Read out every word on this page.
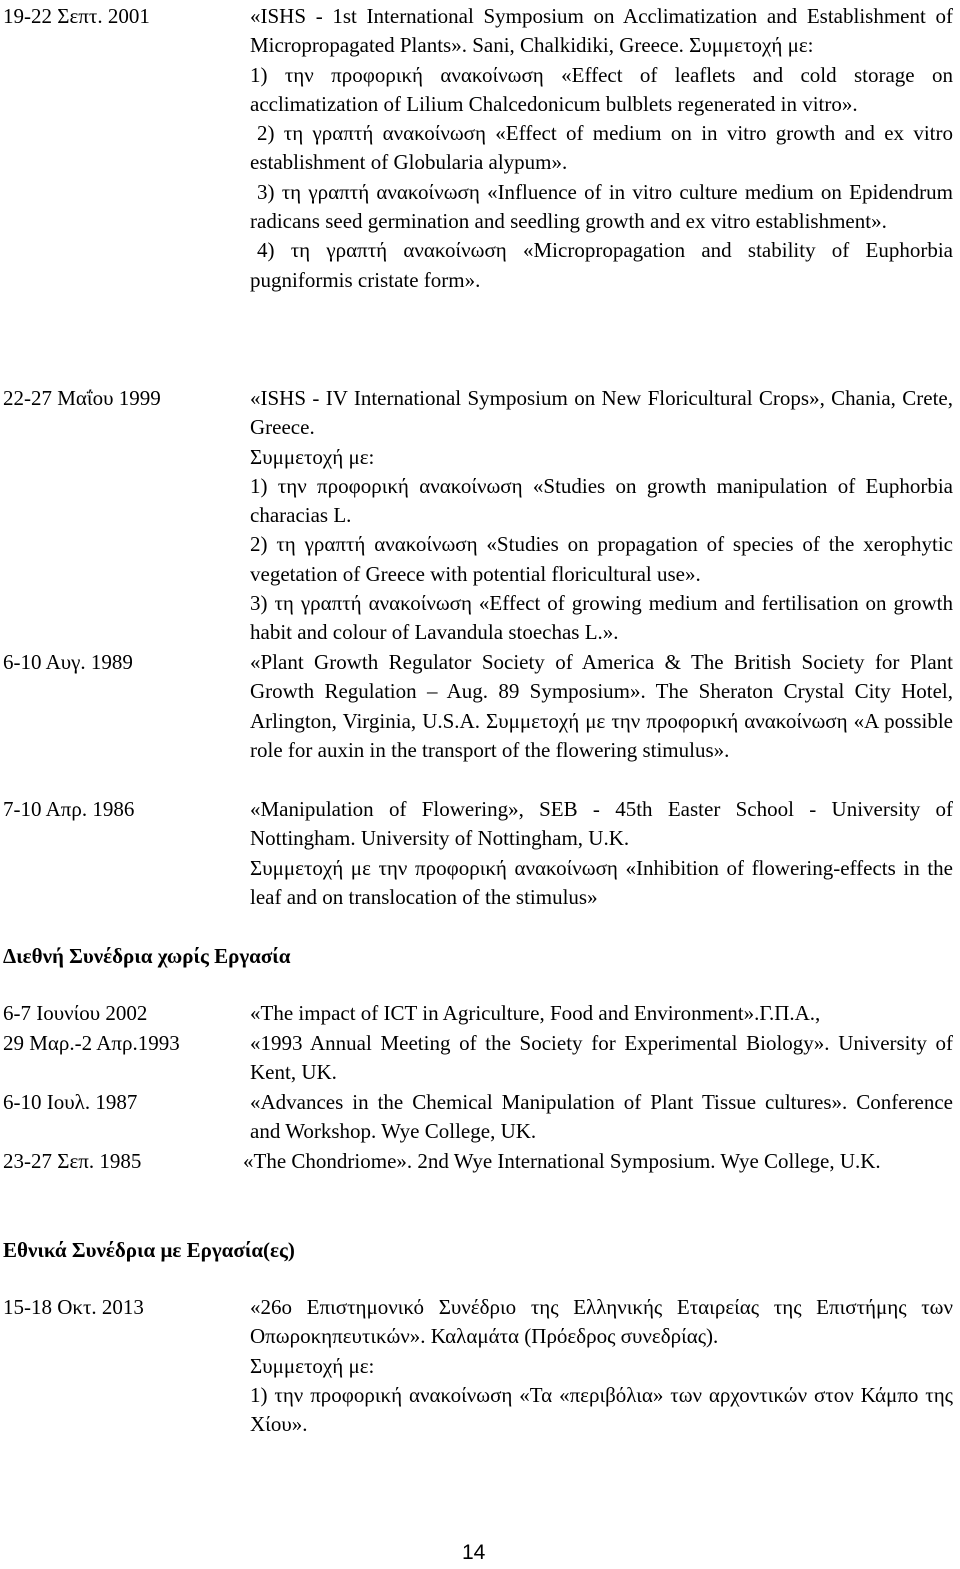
19-22 Σεπτ. 2001	«ISHS - 1st International Symposium on Acclimatization and Establishment of Micropropagated Plants». Sani, Chalkidiki, Greece. Συμμετοχή με:

1) την προφορική ανακοίνωση «Effect of leaflets and cold storage on acclimatization of Lilium Chalcedonicum bulblets regenerated in vitro».

2) τη γραπτή ανακοίνωση «Effect of medium on in vitro growth and ex vitro establishment of Globularia alypum».

3) τη γραπτή ανακοίνωση «Influence of in vitro culture medium on Epidendrum radicans seed germination and seedling growth and ex vitro establishment».

4) τη γραπτή ανακοίνωση «Micropropagation and stability of Euphorbia pugniformis cristate form».

22-27 Μαΐου 1999	«ISHS - IV International Symposium on New Floricultural Crops», Chania, Crete, Greece.

Συμμετοχή με:

1) την προφορική ανακοίνωση «Studies on growth manipulation of Euphorbia characias L.

2) τη γραπτή ανακοίνωση «Studies on propagation of species of the xerophytic vegetation of Greece with potential floricultural use».

3) τη γραπτή ανακοίνωση «Effect of growing medium and fertilisation on growth habit and colour of Lavandula stoechas L.».

6-10 Αυγ. 1989	«Plant Growth Regulator Society of America & The British Society for Plant Growth Regulation – Aug. 89 Symposium». The Sheraton Crystal City Hotel, Arlington, Virginia, U.S.A. Συμμετοχή με την προφορική ανακοίνωση «A possible role for auxin in the transport of the flowering stimulus».

7-10 Απρ. 1986	«Manipulation of Flowering», SEB - 45th Easter School - University of Nottingham. University of Nottingham, U.K.

Συμμετοχή με την προφορική ανακοίνωση «Inhibition of flowering-effects in the leaf and on translocation of the stimulus»

Διεθνή Συνέδρια χωρίς Εργασία
6-7 Ιουνίου 2002	«The impact of ICT in Agriculture, Food and Environment».Γ.Π.Α.,

29 Μαρ.-2 Απρ.1993	«1993 Annual Meeting of the Society for Experimental Biology». University of Kent, UK.

6-10 Ιουλ. 1987	«Advances in the Chemical Manipulation of Plant Tissue cultures». Conference and Workshop. Wye College, UK.

23-27 Σεπ. 1985	«The Chondriome». 2nd Wye International Symposium. Wye College, U.K.

Εθνικά Συνέδρια με Εργασία(ες)
15-18 Οκτ. 2013	«26ο Επιστημονικό Συνέδριο της Ελληνικής Εταιρείας της Επιστήμης των Οπωροκηπευτικών». Καλαμάτα (Πρόεδρος συνεδρίας).

Συμμετοχή με:

1) την προφορική ανακοίνωση «Τα «περιβόλια» των αρχοντικών στον Κάμπο της Χίου».

14
